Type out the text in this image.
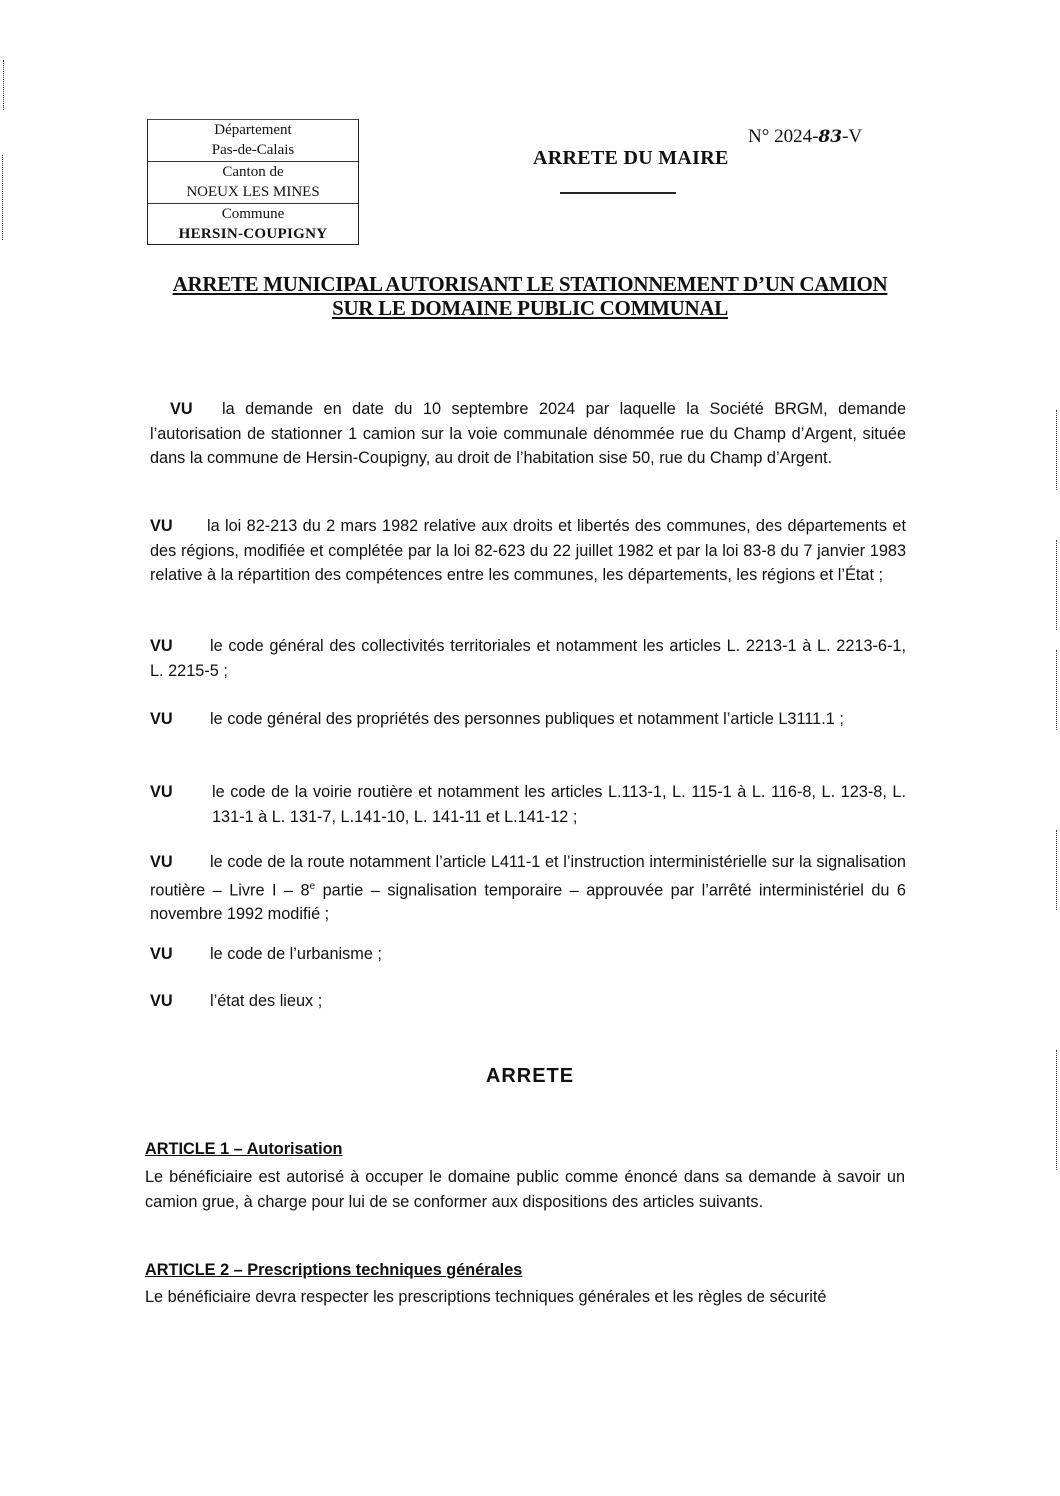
Département
Pas-de-Calais
Canton de
NOEUX LES MINES
Commune
HERSIN-COUPIGNY
N° 2024-83-V
ARRETE DU MAIRE
ARRETE MUNICIPAL AUTORISANT LE STATIONNEMENT D’UN CAMION
SUR LE DOMAINE PUBLIC COMMUNAL
VU la demande en date du 10 septembre 2024 par laquelle la Société BRGM, demande l’autorisation de stationner 1 camion sur la voie communale dénommée rue du Champ d’Argent, située dans la commune de Hersin-Coupigny, au droit de l’habitation sise 50, rue du Champ d’Argent.
VU la loi 82-213 du 2 mars 1982 relative aux droits et libertés des communes, des départements et des régions, modifiée et complétée par la loi 82-623 du 22 juillet 1982 et par la loi 83-8 du 7 janvier 1983 relative à la répartition des compétences entre les communes, les départements, les régions et l’État ;
VU le code général des collectivités territoriales et notamment les articles L. 2213-1 à L. 2213-6-1, L. 2215-5 ;
VU le code général des propriétés des personnes publiques et notamment l’article L3111.1 ;
VU le code de la voirie routière et notamment les articles L.113-1, L. 115-1 à L. 116-8, L. 123-8, L. 131-1 à L. 131-7, L.141-10, L. 141-11 et L.141-12 ;
VU le code de la route notamment l’article L411-1 et l’instruction interministérielle sur la signalisation routière – Livre I – 8e partie – signalisation temporaire – approuvée par l’arrêté interministériel du 6 novembre 1992 modifié ;
VU le code de l’urbanisme ;
VU l’état des lieux ;
ARRETE
ARTICLE 1 – Autorisation
Le bénéficiaire est autorisé à occuper le domaine public comme énoncé dans sa demande à savoir un camion grue, à charge pour lui de se conformer aux dispositions des articles suivants.
ARTICLE 2 – Prescriptions techniques générales
Le bénéficiaire devra respecter les prescriptions techniques générales et les règles de sécurité
